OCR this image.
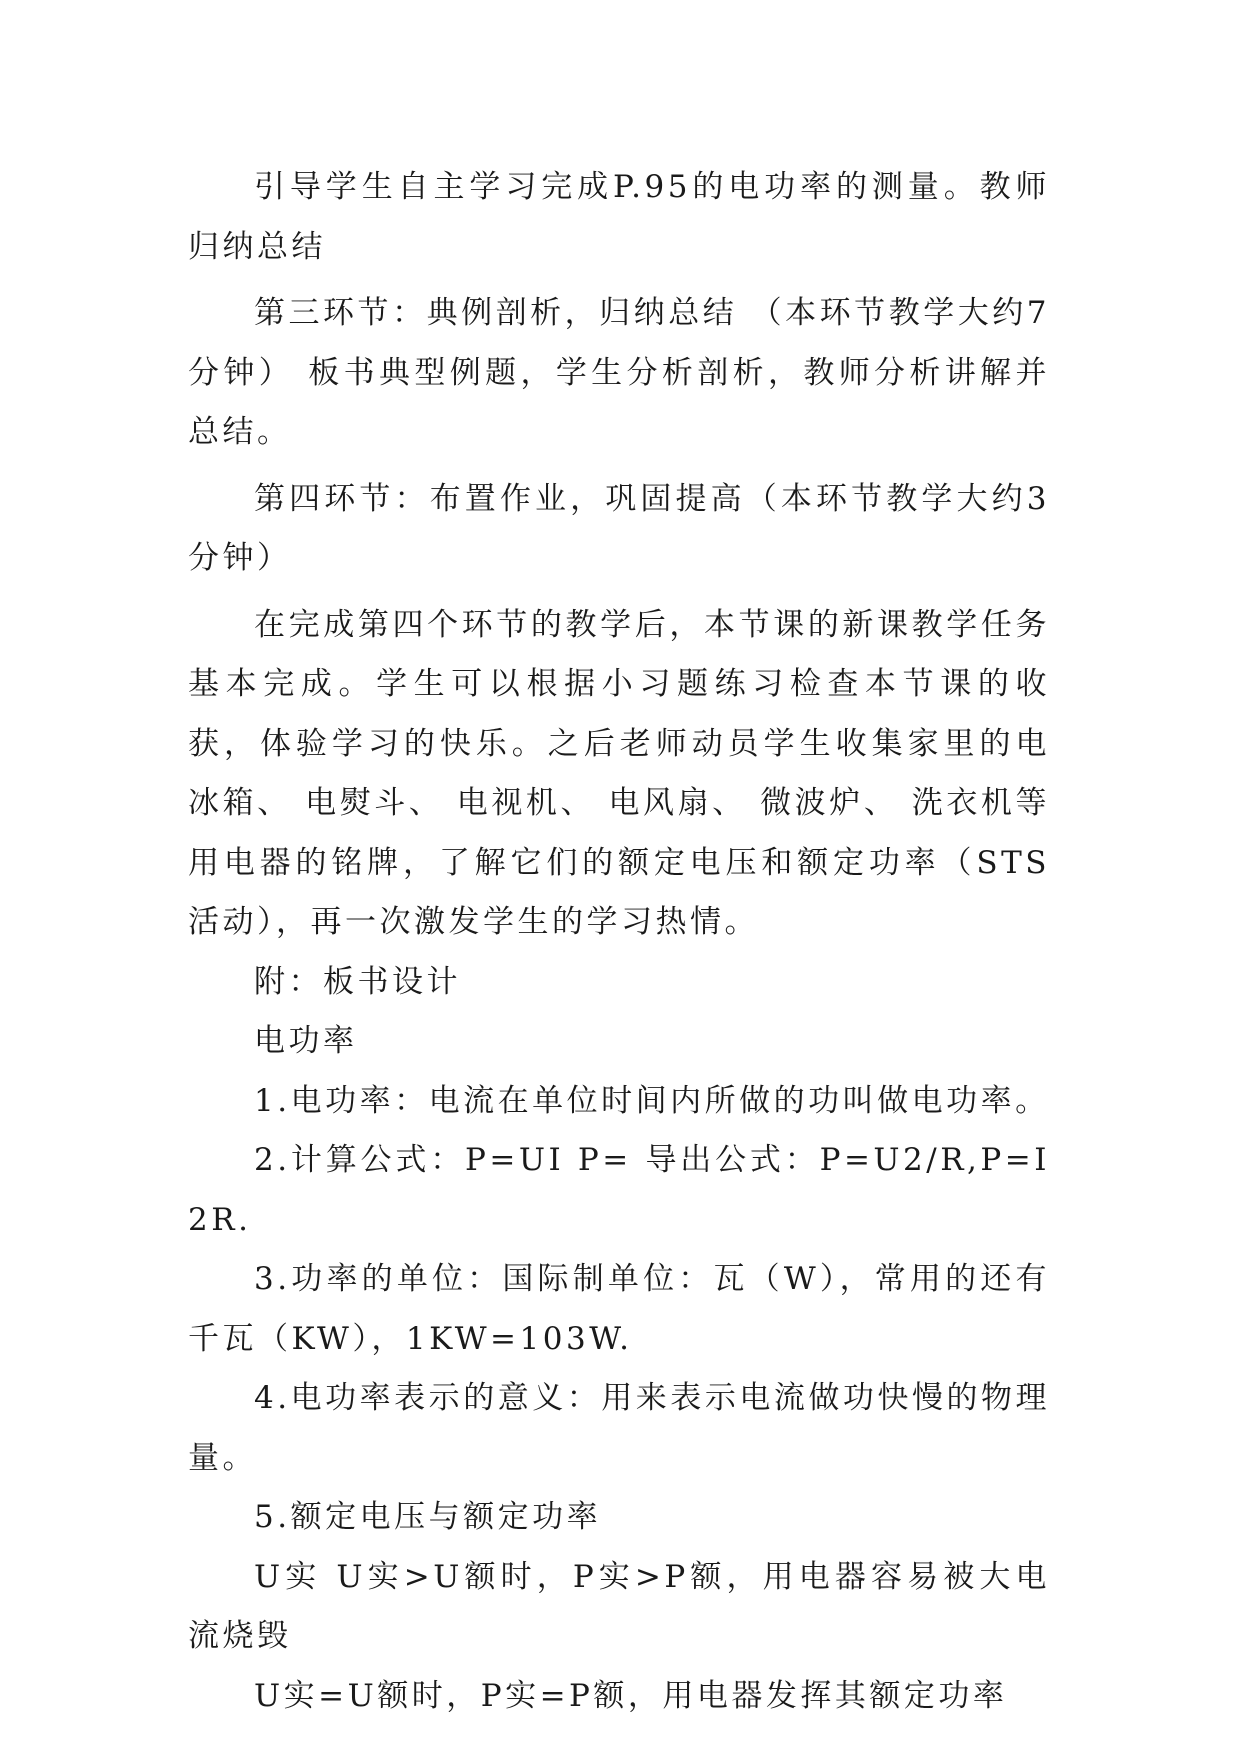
引导学生自主学习完成P.95的电功率的测量。教师归纳总结

第三环节：典例剖析，归纳总结 （本环节教学大约7分钟） 板书典型例题，学生分析剖析，教师分析讲解并总结。

第四环节：布置作业，巩固提高（本环节教学大约3分钟）

在完成第四个环节的教学后，本节课的新课教学任务基本完成。学生可以根据小习题练习检查本节课的收获，体验学习的快乐。之后老师动员学生收集家里的电冰箱、 电熨斗、 电视机、 电风扇、 微波炉、 洗衣机等用电器的铭牌，了解它们的额定电压和额定功率（STS活动），再一次激发学生的学习热情。

附：板书设计

电功率

1.电功率：电流在单位时间内所做的功叫做电功率。

2.计算公式：P=UI P= 导出公式：P=U2/R,P=I2R.

3.功率的单位：国际制单位：瓦（W），常用的还有千瓦（KW），1KW=103W.

4.电功率表示的意义：用来表示电流做功快慢的物理量。

5.额定电压与额定功率

U实 U实>U额时，P实>P额，用电器容易被大电流烧毁

U实=U额时，P实=P额，用电器发挥其额定功率
